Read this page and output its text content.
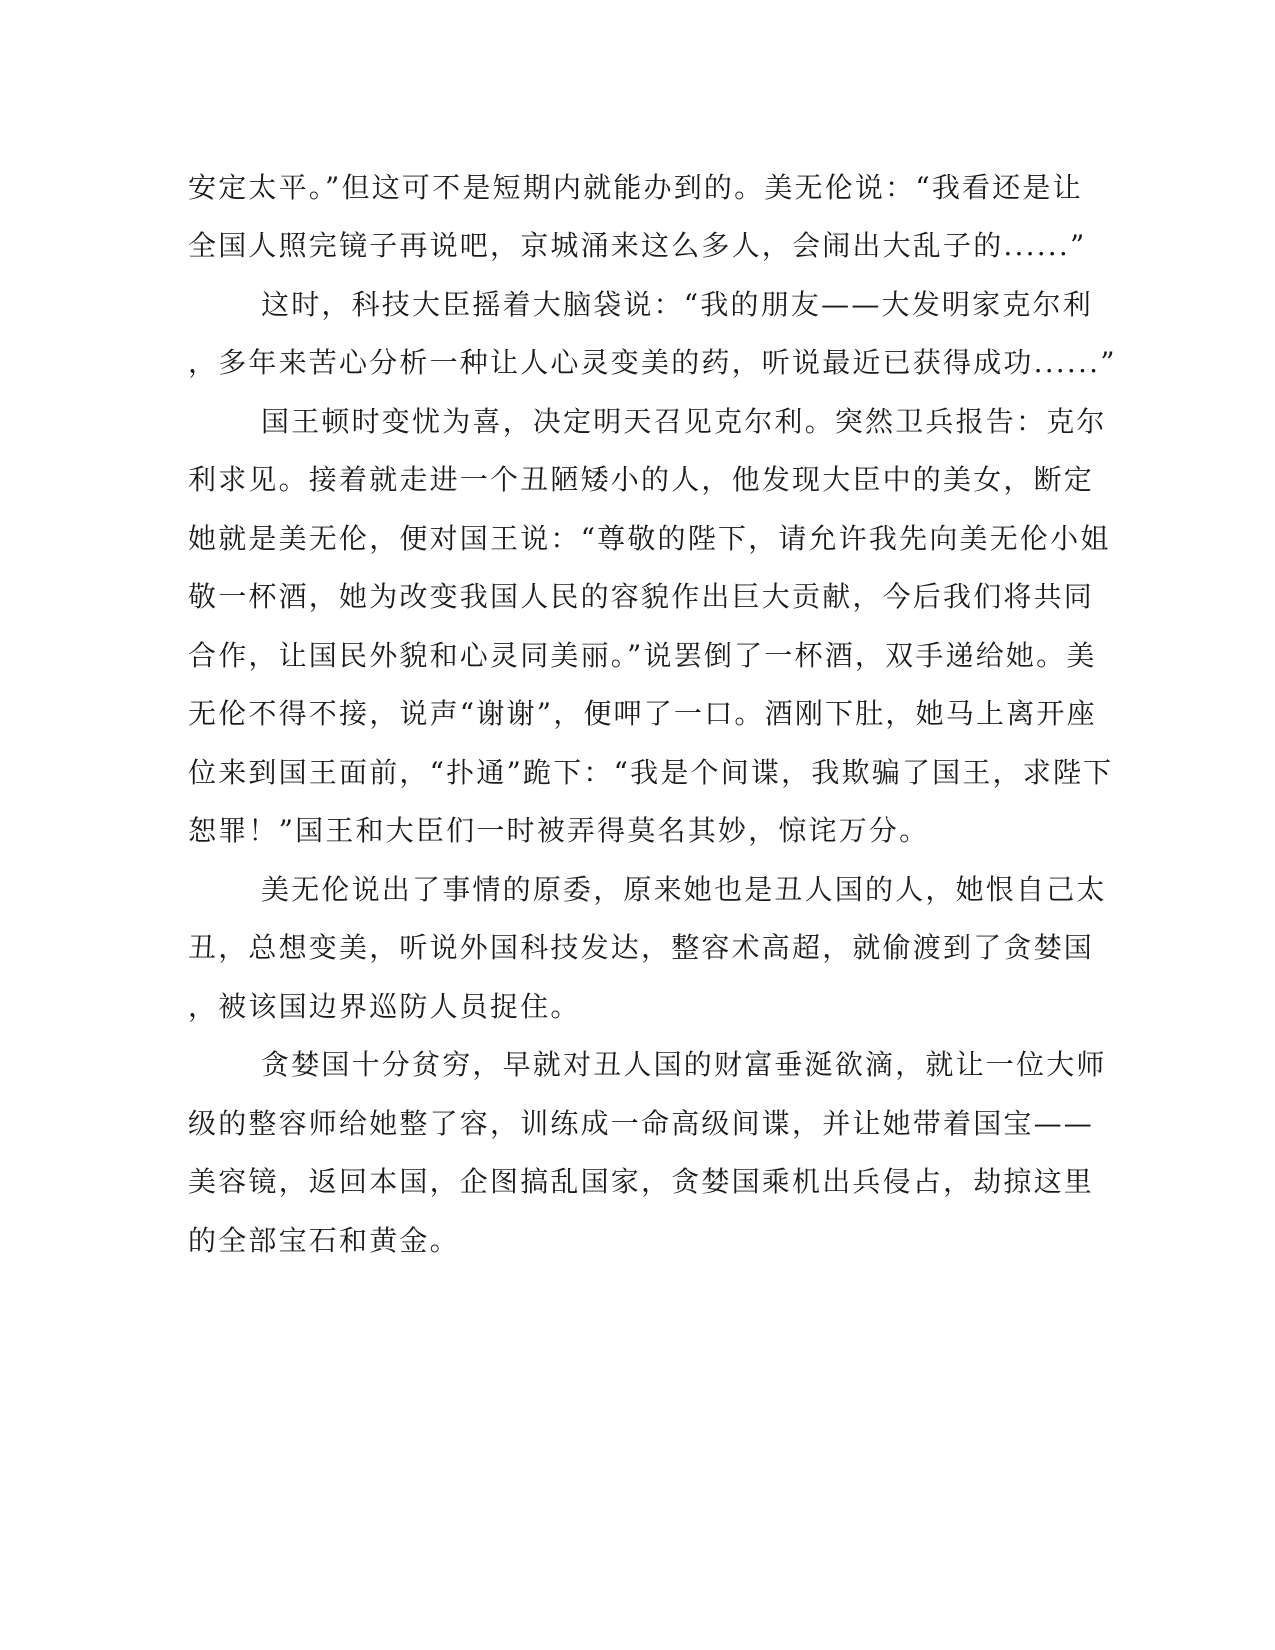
安定太平。”但这可不是短期内就能办到的。美无伦说：“我看还是让
全国人照完镜子再说吧，京城涌来这么多人，会闹出大乱子的......”
这时，科技大臣摇着大脑袋说：“我的朋友——大发明家克尔利
，多年来苦心分析一种让人心灵变美的药，听说最近已获得成功......”
国王顿时变忧为喜，决定明天召见克尔利。突然卫兵报告：克尔
利求见。接着就走进一个丑陋矮小的人，他发现大臣中的美女，断定
她就是美无伦，便对国王说：“尊敬的陛下，请允许我先向美无伦小姐
敬一杯酒，她为改变我国人民的容貌作出巨大贡献，今后我们将共同
合作，让国民外貌和心灵同美丽。”说罢倒了一杯酒，双手递给她。美
无伦不得不接，说声“谢谢”，便呷了一口。酒刚下肚，她马上离开座
位来到国王面前，“扑通”跪下：“我是个间谍，我欺骗了国王，求陛下
恕罪！”国王和大臣们一时被弄得莫名其妙，惊诧万分。
美无伦说出了事情的原委，原来她也是丑人国的人，她恨自己太
丑，总想变美，听说外国科技发达，整容术高超，就偷渡到了贪婪国
，被该国边界巡防人员捉住。
贪婪国十分贫穷，早就对丑人国的财富垂涎欲滴，就让一位大师
级的整容师给她整了容，训练成一命高级间谍，并让她带着国宝——
美容镜，返回本国，企图搞乱国家，贪婪国乘机出兵侵占，劫掠这里
的全部宝石和黄金。
